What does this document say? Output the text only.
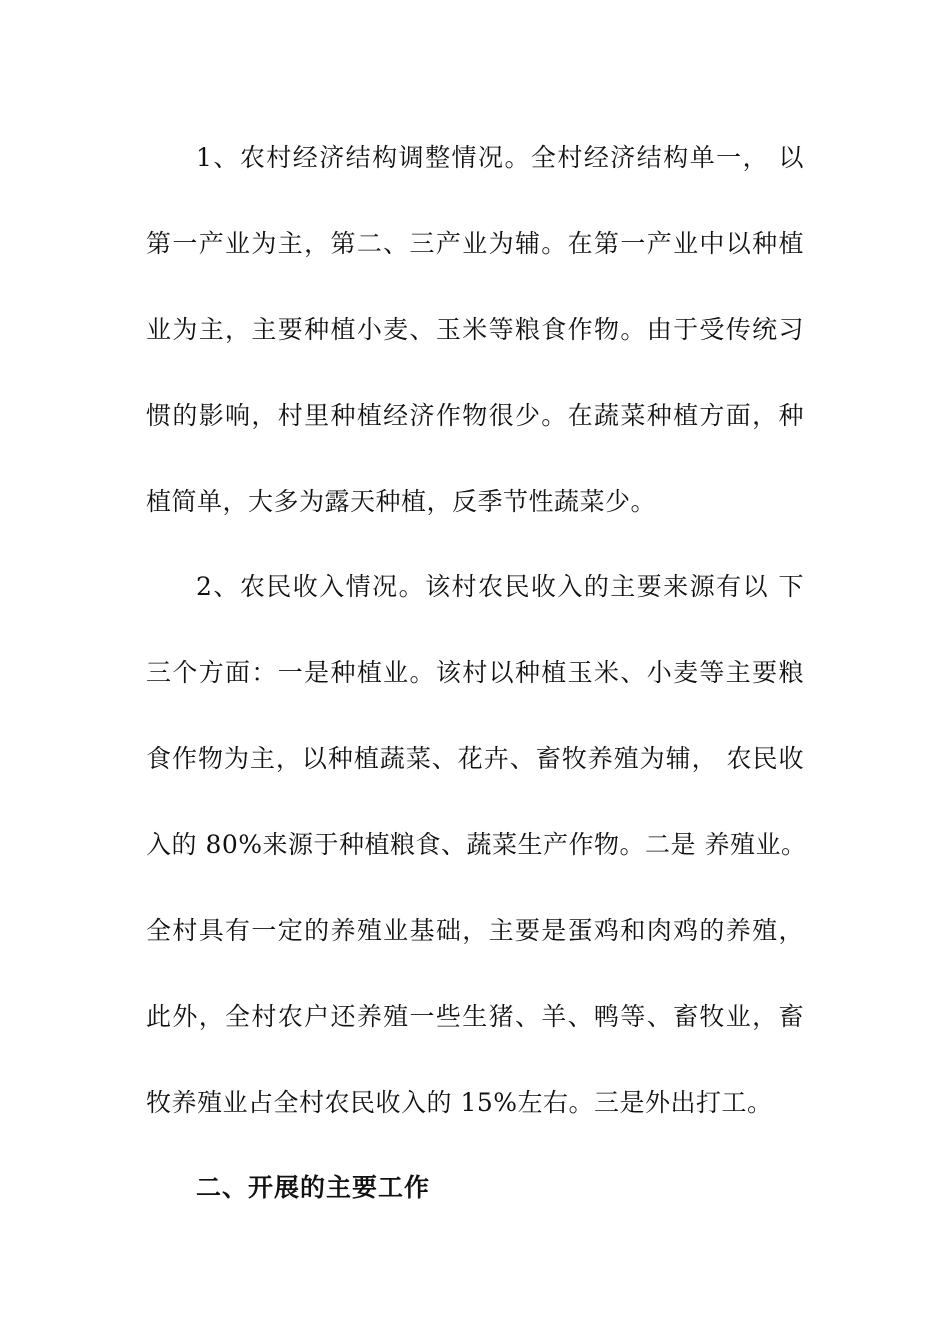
1、农村经济结构调整情况。全村经济结构单一， 以
第一产业为主，第二、三产业为辅。在第一产业中以种植
业为主，主要种植小麦、玉米等粮食作物。由于受传统习
惯的影响，村里种植经济作物很少。在蔬菜种植方面，种
植简单，大多为露天种植，反季节性蔬菜少。
2、农民收入情况。该村农民收入的主要来源有以 下
三个方面：一是种植业。该村以种植玉米、小麦等主要粮
食作物为主，以种植蔬菜、花卉、畜牧养殖为辅， 农民收
入的 80%来源于种植粮食、蔬菜生产作物。二是 养殖业。
全村具有一定的养殖业基础，主要是蛋鸡和肉鸡的养殖，
此外，全村农户还养殖一些生猪、羊、鸭等、畜牧业，畜
牧养殖业占全村农民收入的 15%左右。三是外出打工。
二、开展的主要工作
